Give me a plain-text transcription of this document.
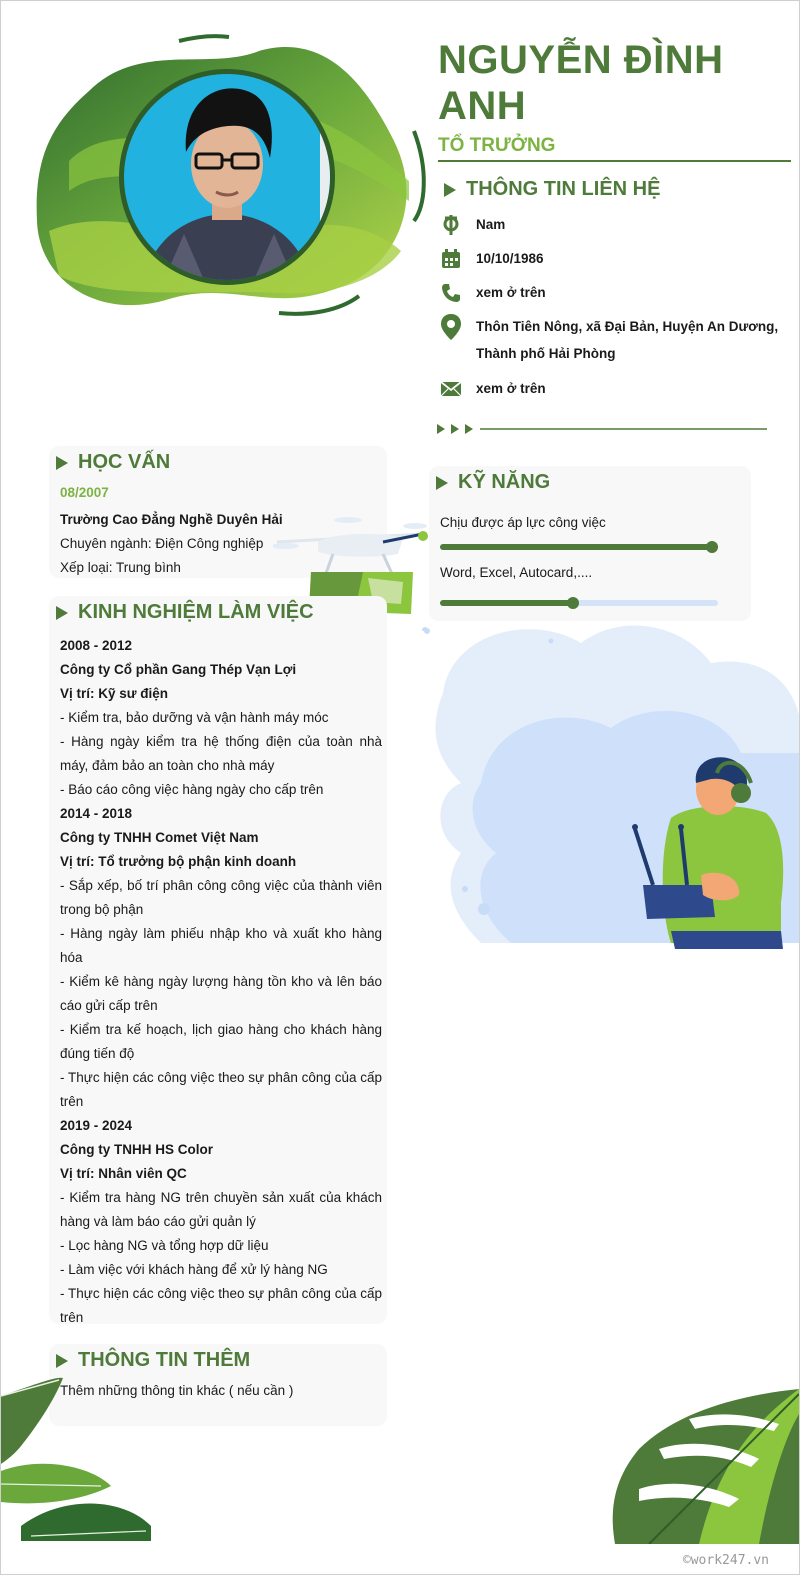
NGUYỄN ĐÌNH ANH
TỔ TRƯỞNG
THÔNG TIN LIÊN HỆ
Nam
10/10/1986
xem ở trên
Thôn Tiên Nông, xã Đại Bản, Huyện An Dương,
Thành phố Hải Phòng
xem ở trên
HỌC VẤN
08/2007
Trường Cao Đẳng Nghề Duyên Hải
Chuyên ngành: Điện Công nghiệp
Xếp loại: Trung bình
KỸ NĂNG
Chịu được áp lực công việc
Word, Excel, Autocard,....
KINH NGHIỆM LÀM VIỆC
2008 - 2012
Công ty Cổ phần Gang Thép Vạn Lợi
Vị trí: Kỹ sư điện
- Kiểm tra, bảo dưỡng và vận hành máy móc
- Hàng ngày kiểm tra hệ thống điện của toàn nhà máy, đảm bảo an toàn cho nhà máy
- Báo cáo công việc hàng ngày cho cấp trên
2014 - 2018
Công ty TNHH Comet Việt Nam
Vị trí: Tổ trưởng bộ phận kinh doanh
- Sắp xếp, bố trí phân công công việc của thành viên trong bộ phận
- Hàng ngày làm phiếu nhập kho và xuất kho hàng hóa
- Kiểm kê hàng ngày lượng hàng tồn kho và lên báo cáo gửi cấp trên
- Kiểm tra kế hoạch, lịch giao hàng cho khách hàng đúng tiến độ
- Thực hiện các công việc theo sự phân công của cấp trên
2019 - 2024
Công ty TNHH HS Color
Vị trí: Nhân viên QC
- Kiểm tra hàng NG trên chuyền sản xuất của khách hàng và làm báo cáo gửi quản lý
- Lọc hàng NG và tổng hợp dữ liệu
- Làm việc với khách hàng để xử lý hàng NG
- Thực hiện các công việc theo sự phân công của cấp trên
THÔNG TIN THÊM
Thêm những thông tin khác ( nếu cần )
©work247.vn
